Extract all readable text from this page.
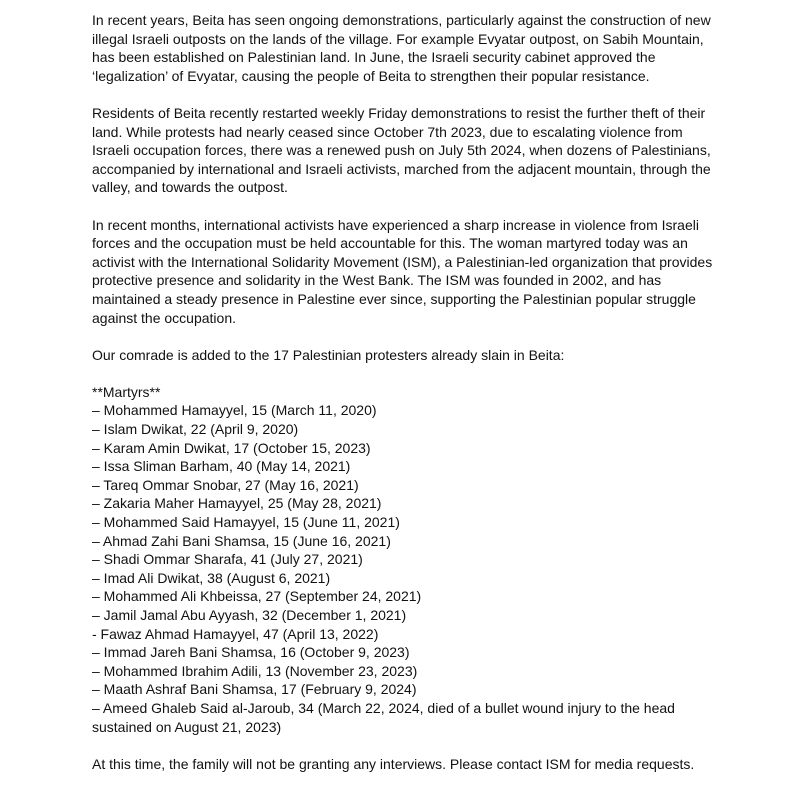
In recent years, Beita has seen ongoing demonstrations, particularly against the construction of new illegal Israeli outposts on the lands of the village. For example Evyatar outpost, on Sabih Mountain, has been established on Palestinian land. In June, the Israeli security cabinet approved the ‘legalization’ of Evyatar, causing the people of Beita to strengthen their popular resistance.

Residents of Beita recently restarted weekly Friday demonstrations to resist the further theft of their land. While protests had nearly ceased since October 7th 2023, due to escalating violence from Israeli occupation forces, there was a renewed push on July 5th 2024, when dozens of Palestinians, accompanied by international and Israeli activists, marched from the adjacent mountain, through the valley, and towards the outpost.

In recent months, international activists have experienced a sharp increase in violence from Israeli forces and the occupation must be held accountable for this. The woman martyred today was an activist with the International Solidarity Movement (ISM), a Palestinian-led organization that provides protective presence and solidarity in the West Bank. The ISM was founded in 2002, and has maintained a steady presence in Palestine ever since, supporting the Palestinian popular struggle against the occupation.

Our comrade is added to the 17 Palestinian protesters already slain in Beita:

**Martyrs**
– Mohammed Hamayyel, 15 (March 11, 2020)
– Islam Dwikat, 22 (April 9, 2020)
– Karam Amin Dwikat, 17 (October 15, 2023)
– Issa Sliman Barham, 40 (May 14, 2021)
– Tareq Ommar Snobar, 27 (May 16, 2021)
– Zakaria Maher Hamayyel, 25 (May 28, 2021)
– Mohammed Said Hamayyel, 15 (June 11, 2021)
– Ahmad Zahi Bani Shamsa, 15 (June 16, 2021)
– Shadi Ommar Sharafa, 41 (July 27, 2021)
– Imad Ali Dwikat, 38 (August 6, 2021)
– Mohammed Ali Khbeissa, 27 (September 24, 2021)
– Jamil Jamal Abu Ayyash, 32 (December 1, 2021)
- Fawaz Ahmad Hamayyel, 47 (April 13, 2022)
– Immad Jareh Bani Shamsa, 16 (October 9, 2023)
– Mohammed Ibrahim Adili, 13 (November 23, 2023)
– Maath Ashraf Bani Shamsa, 17 (February 9, 2024)
– Ameed Ghaleb Said al-Jaroub, 34 (March 22, 2024, died of a bullet wound injury to the head sustained on August 21, 2023)

At this time, the family will not be granting any interviews. Please contact ISM for media requests.
